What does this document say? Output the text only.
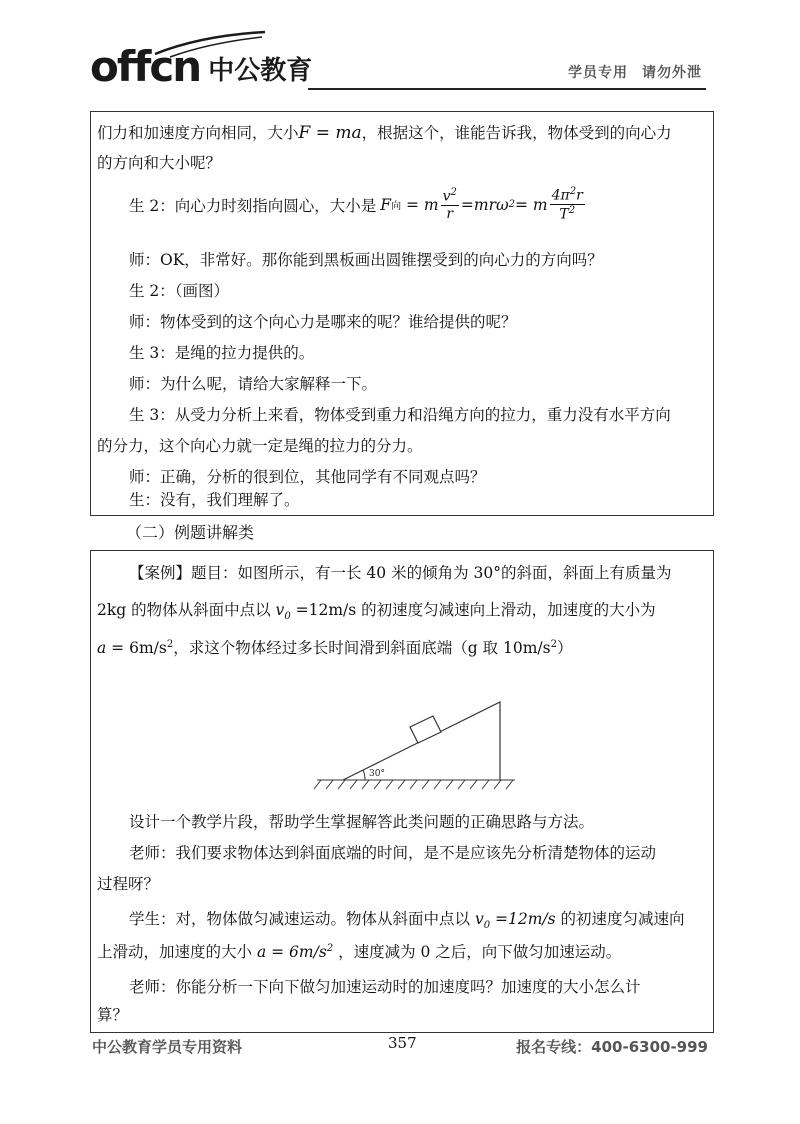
offcn 中公教育	学员专用 请勿外泄
们力和加速度方向相同，大小F = ma，根据这个，谁能告诉我，物体受到的向心力
的方向和大小呢？
生 2：向心力时刻指向圆心，大小是 F 向 = m $\frac{v^2}{r} =mr\omega$ 2 = m $\frac{4\pi^2r}{T^2}$
师：OK，非常好。那你能到黑板画出圆锥摆受到的向心力的方向吗？
生 2：（画图）
师：物体受到的这个向心力是哪来的呢？谁给提供的呢？
生 3：是绳的拉力提供的。
师：为什么呢，请给大家解释一下。
生 3：从受力分析上来看，物体受到重力和沿绳方向的拉力，重力没有水平方向
的分力，这个向心力就一定是绳的拉力的分力。
师：正确，分析的很到位，其他同学有不同观点吗？
生：没有，我们理解了。
（二）例题讲解类
【案例】题目：如图所示，有一长 40 米的倾角为 30°的斜面，斜面上有质量为
2kg 的物体从斜面中点以 $v_0 =12m/s$ 的初速度匀减速向上滑动，加速度的大小为
$a = 6m/s^2$，求这个物体经过多长时间滑到斜面底端（g 取 $10m/s^2$）
设计一个教学片段，帮助学生掌握解答此类问题的正确思路与方法。
老师：我们要求物体达到斜面底端的时间，是不是应该先分析清楚物体的运动
过程呀？
学生：对，物体做匀减速运动。物体从斜面中点以 $v_0 =12m/s$ 的初速度匀减速向
上滑动，加速度的大小 $a = 6m/s^2$ ，速度减为 0 之后，向下做匀加速运动。
老师：你能分析一下向下做匀加速运动时的加速度吗？加速度的大小怎么计
算？
30°
中公教育学员专用资料	357	报名专线：400-6300-999
